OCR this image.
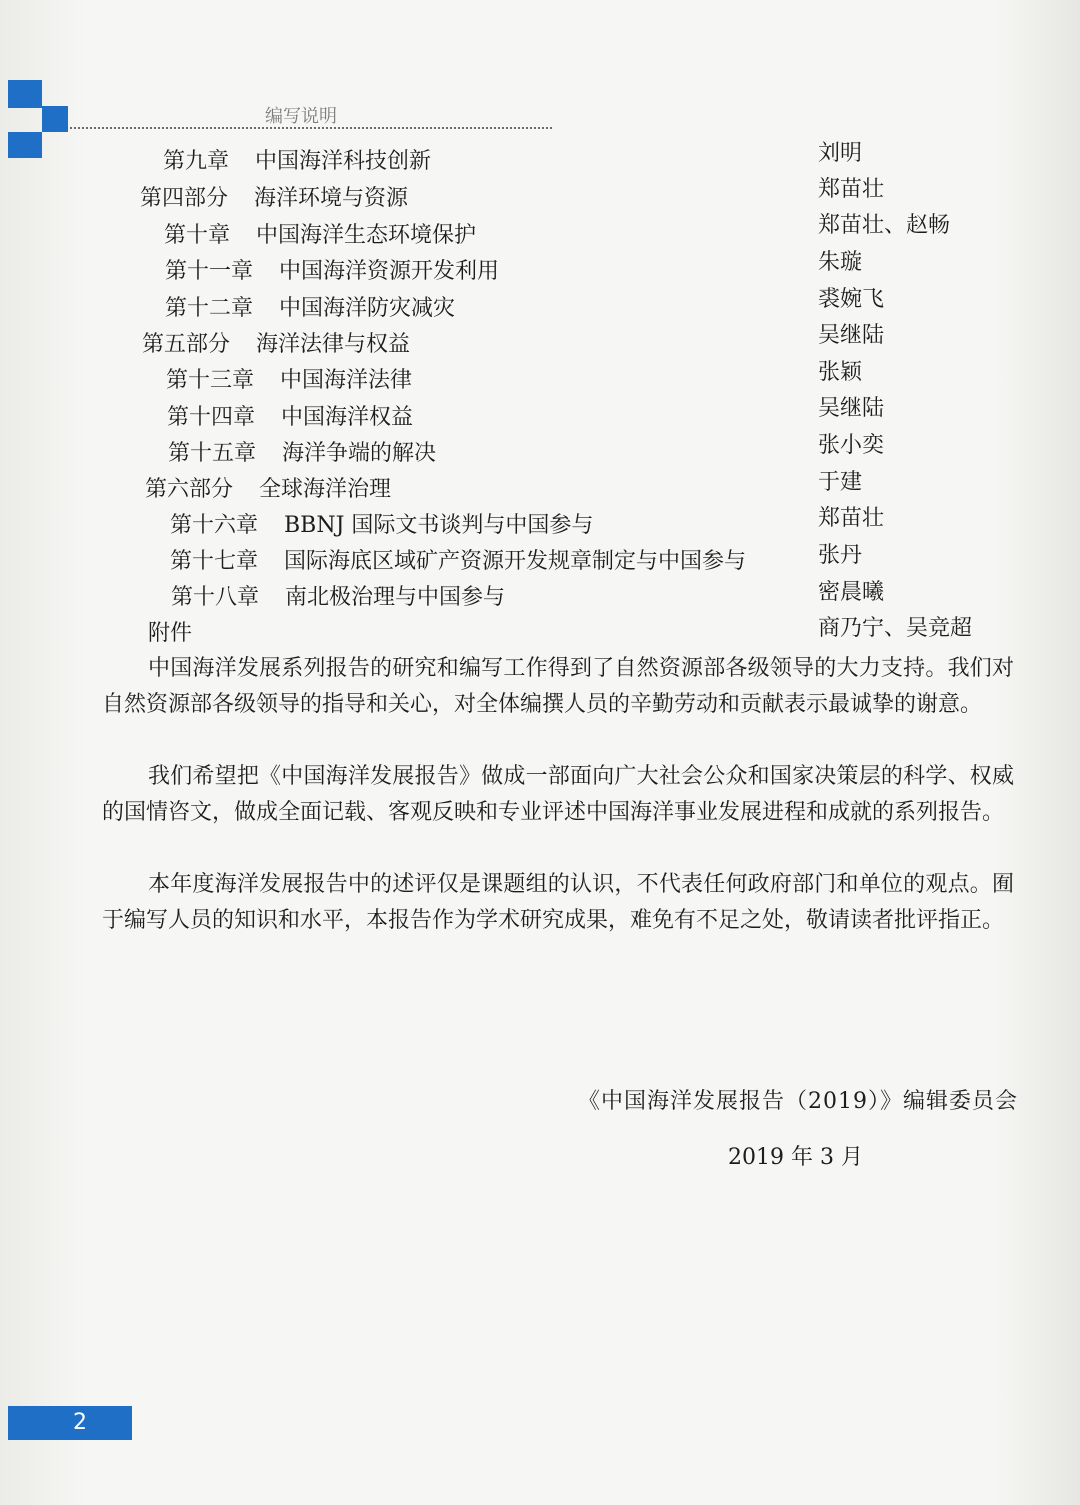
编写说明
第九章 中国海洋科技创新	刘明
第四部分 海洋环境与资源	郑苗壮
第十章 中国海洋生态环境保护	郑苗壮、赵畅
第十一章 中国海洋资源开发利用	朱璇
第十二章 中国海洋防灾减灾	裘婉飞
第五部分 海洋法律与权益	吴继陆
第十三章 中国海洋法律	张颖
第十四章 中国海洋权益	吴继陆
第十五章 海洋争端的解决	张小奕
第六部分 全球海洋治理	于建
第十六章 BBNJ 国际文书谈判与中国参与	郑苗壮
第十七章 国际海底区域矿产资源开发规章制定与中国参与	张丹
第十八章 南北极治理与中国参与	密晨曦
附件	商乃宁、吴竞超
中国海洋发展系列报告的研究和编写工作得到了自然资源部各级领导的大力支持。我们对自然资源部各级领导的指导和关心，对全体编撰人员的辛勤劳动和贡献表示最诚挚的谢意。
我们希望把《中国海洋发展报告》做成一部面向广大社会公众和国家决策层的科学、权威的国情咨文，做成全面记载、客观反映和专业评述中国海洋事业发展进程和成就的系列报告。
本年度海洋发展报告中的述评仅是课题组的认识，不代表任何政府部门和单位的观点。囿于编写人员的知识和水平，本报告作为学术研究成果，难免有不足之处，敬请读者批评指正。
《中国海洋发展报告（2019）》编辑委员会
2019 年 3 月
2
